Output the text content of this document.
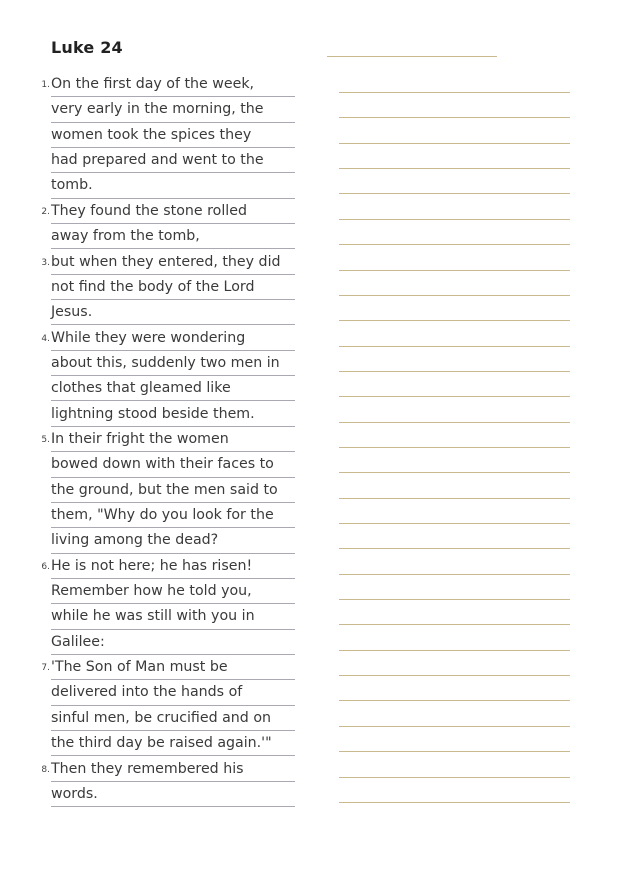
Luke 24
1. On the first day of the week,
very early in the morning, the
women took the spices they
had prepared and went to the
tomb.
2. They found the stone rolled
away from the tomb,
3. but when they entered, they did
not find the body of the Lord
Jesus.
4. While they were wondering
about this, suddenly two men in
clothes that gleamed like
lightning stood beside them.
5. In their fright the women
bowed down with their faces to
the ground, but the men said to
them, "Why do you look for the
living among the dead?
6. He is not here; he has risen!
Remember how he told you,
while he was still with you in
Galilee:
7. 'The Son of Man must be
delivered into the hands of
sinful men, be crucified and on
the third day be raised again.'"
8. Then they remembered his
words.
